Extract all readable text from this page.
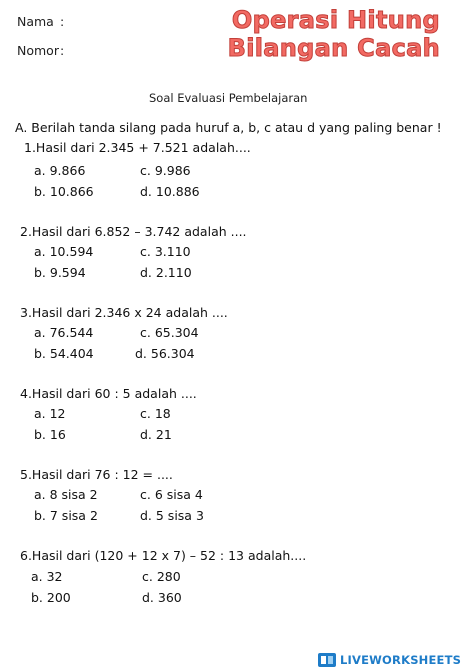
Nama :
Nomor :
Operasi Hitung
Bilangan Cacah
Soal Evaluasi Pembelajaran
A. Berilah tanda silang pada huruf a, b, c atau d yang paling benar !
1.Hasil dari 2.345 + 7.521 adalah....
a. 9.866	c. 9.986
b. 10.866	d. 10.886
2.Hasil dari 6.852 – 3.742 adalah ....
a. 10.594	c. 3.110
b. 9.594	d. 2.110
3.Hasil dari 2.346 x 24 adalah ....
a. 76.544	c. 65.304
b. 54.404	d. 56.304
4.Hasil dari 60 : 5 adalah ....
a. 12	c. 18
b. 16	d. 21
5.Hasil dari 76 : 12 = ....
a. 8 sisa 2	c. 6 sisa 4
b. 7 sisa 2	d. 5 sisa 3
6.Hasil dari (120 + 12 x 7) – 52 : 13 adalah....
a. 32	c. 280
b. 200	d. 360
LIVEWORKSHEETS
